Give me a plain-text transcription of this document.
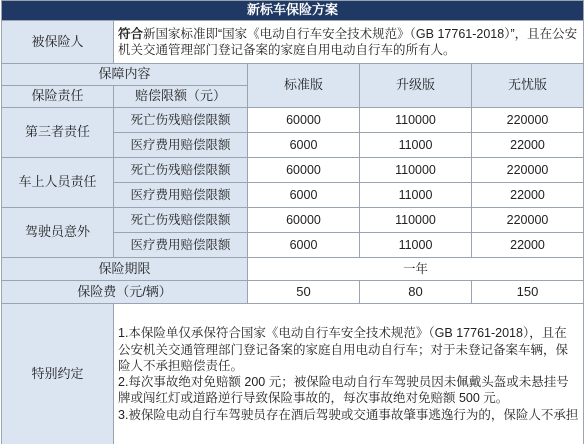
新标车保险方案				
被保险人	符合新国家标准即“国家《电动自行车安全技术规范》（GB 17761-2018）”，且在公安机关交通管理部门登记备案的家庭自用电动自行车的所有人。			
保障内容		标准版	升级版	无忧版
保险责任	赔偿限额（元）			
第三者责任	死亡伤残赔偿限额	60000	110000	220000
	医疗费用赔偿限额	6000	11000	22000
车上人员责任	死亡伤残赔偿限额	60000	110000	220000
	医疗费用赔偿限额	6000	11000	22000
驾驶员意外	死亡伤残赔偿限额	60000	110000	220000
	医疗费用赔偿限额	6000	11000	22000
保险期限		一年		
保险费（元/辆）		50	80	150
特别约定	1.本保险单仅承保符合国家《电动自行车安全技术规范》（GB 17761-2018），且在公安机关交通管理部门登记备案的家庭自用电动自行车；对于未登记备案车辆，保险人不承担赔偿责任。

2.每次事故绝对免赔额 200 元；被保险电动自行车驾驶员因未佩戴头盔或未悬挂号牌或闯红灯或道路逆行导致保险事故的，每次事故绝对免赔额 500 元。

3.被保险电动自行车驾驶员存在酒后驾驶或交通事故肇事逃逸行为的，保险人不承担			
